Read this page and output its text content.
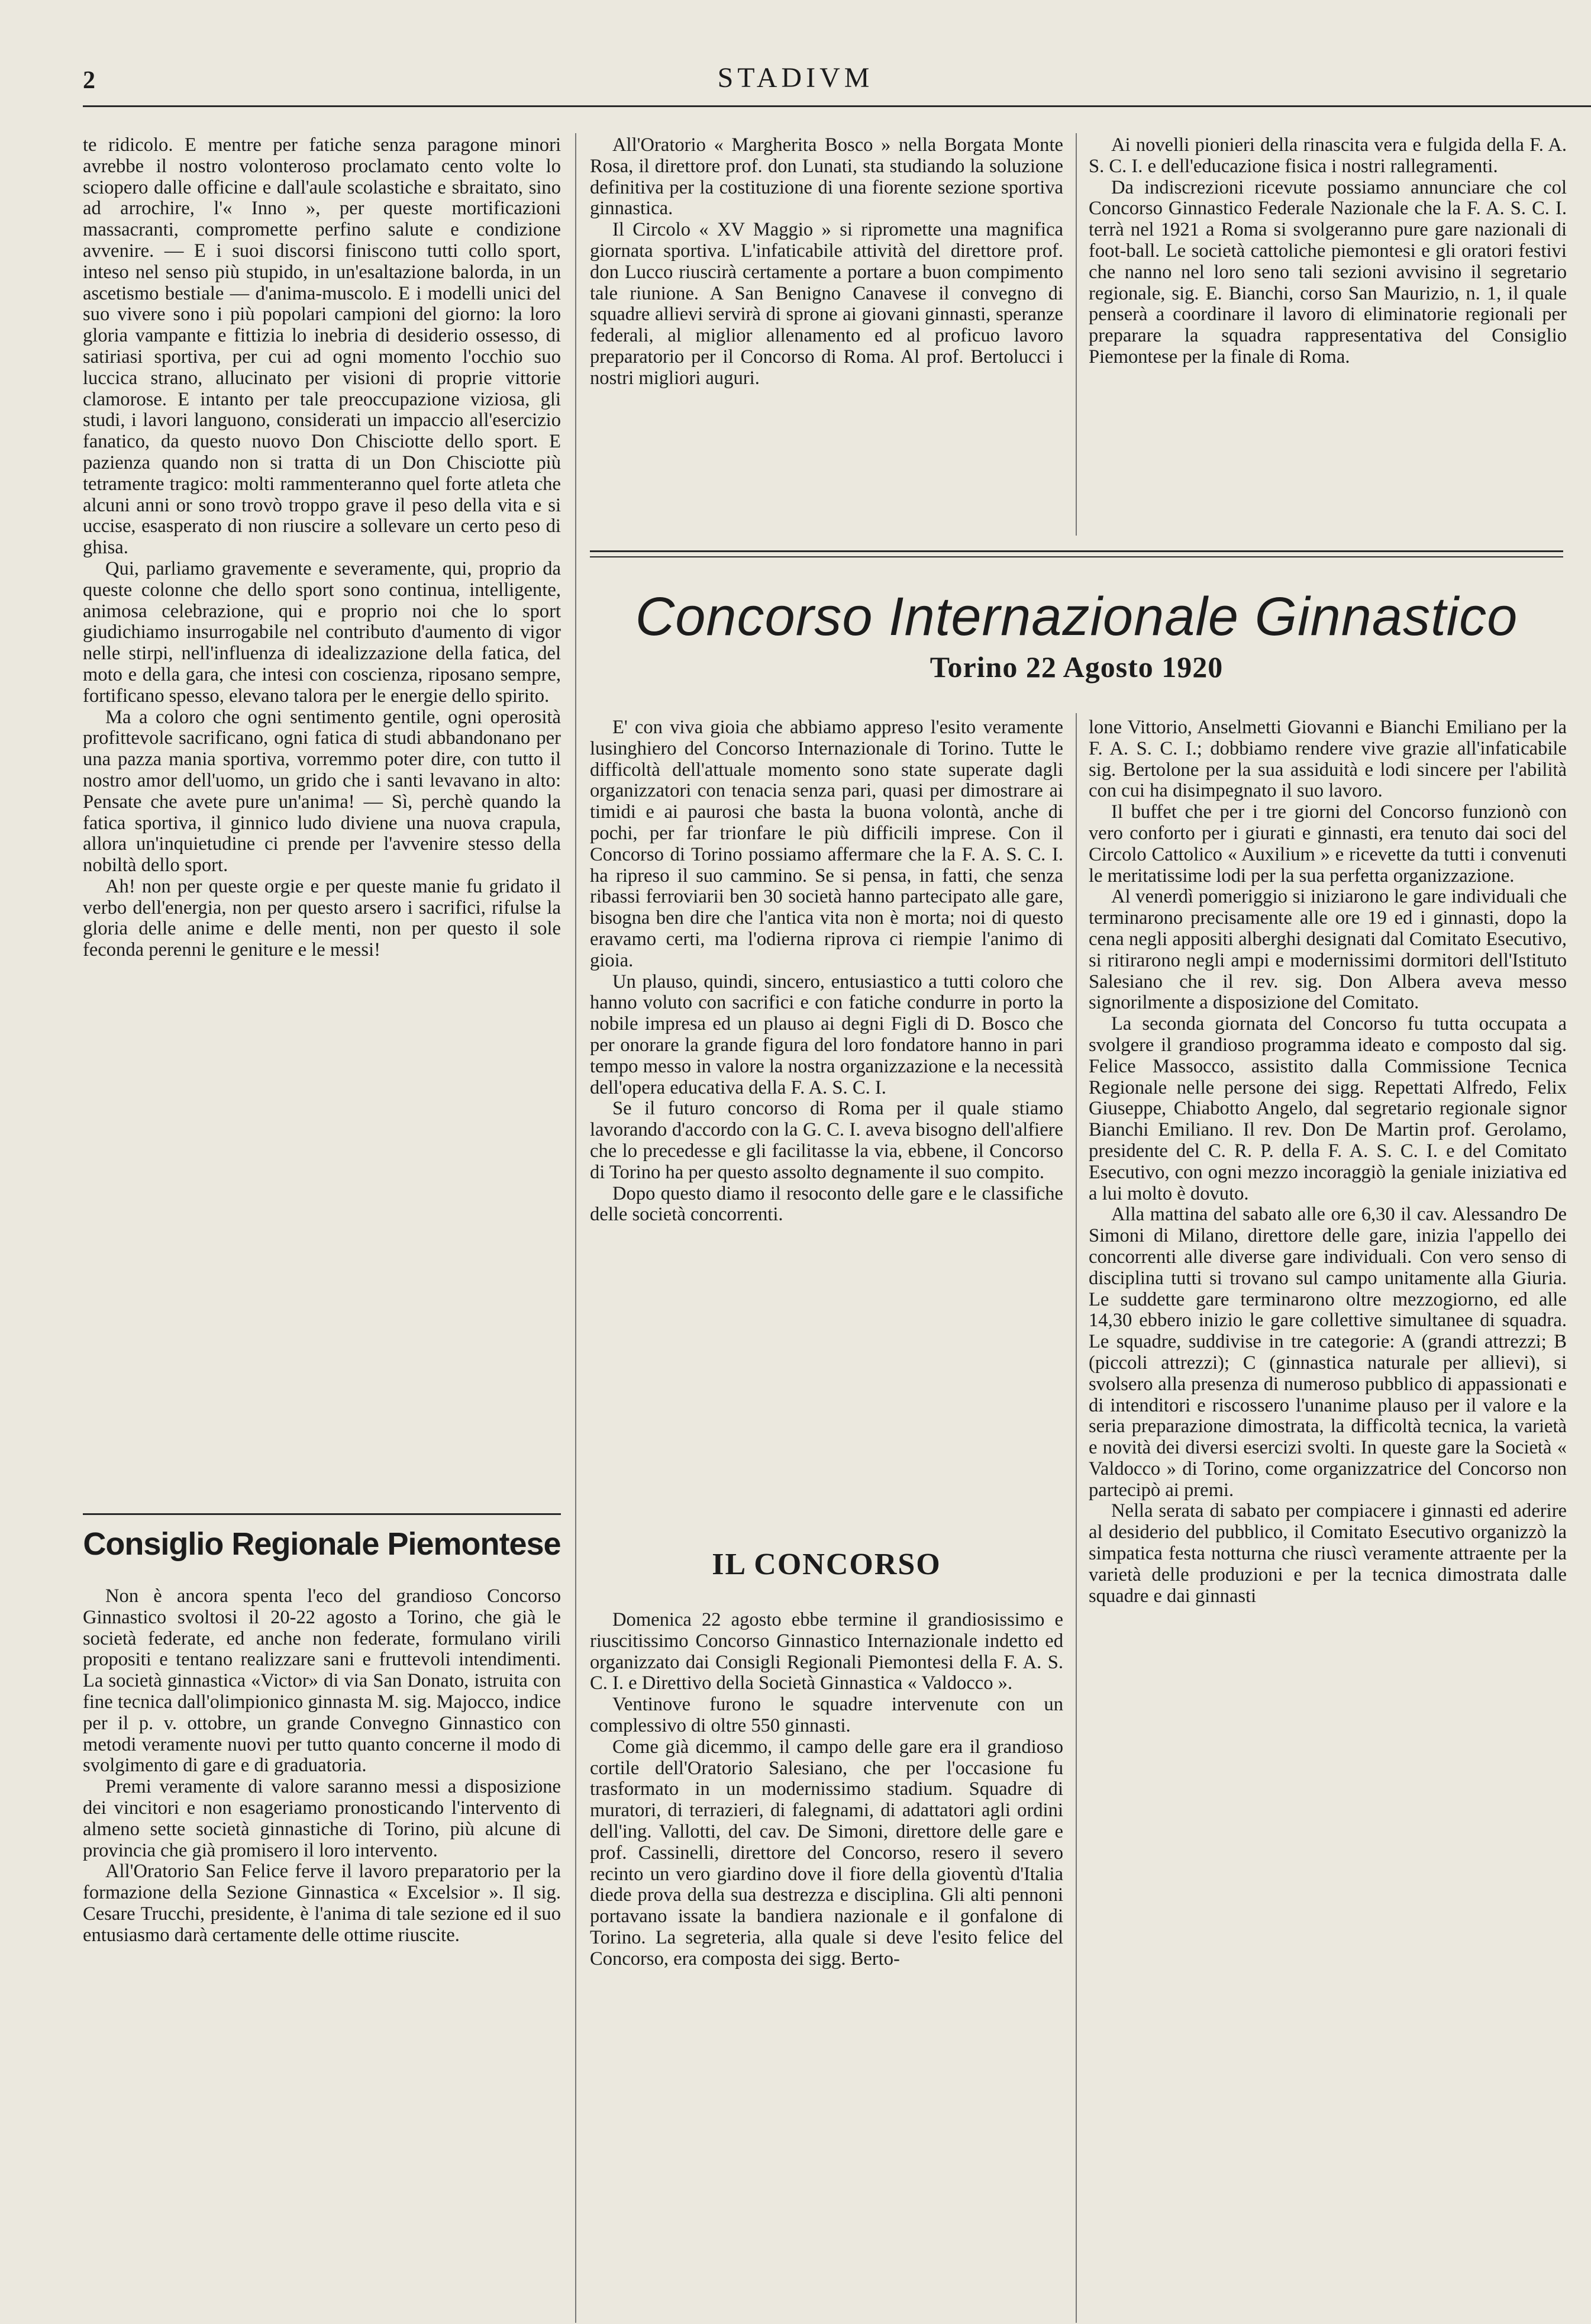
2	STADIVM

te ridicolo. E mentre per fatiche senza paragone minori avrebbe il nostro volonteroso proclamato cento volte lo sciopero dalle officine e dall'aule scolastiche e sbraitato, sino ad arrochire, l'« Inno », per queste mortificazioni massacranti, compromette perfino salute e condizione avvenire. — E i suoi discorsi finiscono tutti collo sport, inteso nel senso più stupido, in un'esaltazione balorda, in un ascetismo bestiale — d'anima-muscolo. E i modelli unici del suo vivere sono i più popolari campioni del giorno: la loro gloria vampante e fittizia lo inebria di desiderio ossesso, di satiriasi sportiva, per cui ad ogni momento l'occhio suo luccica strano, allucinato per visioni di proprie vittorie clamorose. E intanto per tale preoccupazione viziosa, gli studi, i lavori languono, considerati un impaccio all'esercizio fanatico, da questo nuovo Don Chisciotte dello sport. E pazienza quando non si tratta di un Don Chisciotte più tetramente tragico: molti rammenteranno quel forte atleta che alcuni anni or sono trovò troppo grave il peso della vita e si uccise, esasperato di non riuscire a sollevare un certo peso di ghisa.

Qui, parliamo gravemente e severamente, qui, proprio da queste colonne che dello sport sono continua, intelligente, animosa celebrazione, qui e proprio noi che lo sport giudichiamo insurrogabile nel contributo d'aumento di vigor nelle stirpi, nell'influenza di idealizzazione della fatica, del moto e della gara, che intesi con coscienza, riposano sempre, fortificano spesso, elevano talora per le energie dello spirito.

Ma a coloro che ogni sentimento gentile, ogni operosità profittevole sacrificano, ogni fatica di studi abbandonano per una pazza mania sportiva, vorremmo poter dire, con tutto il nostro amor dell'uomo, un grido che i santi levavano in alto: Pensate che avete pure un'anima! — Sì, perchè quando la fatica sportiva, il ginnico ludo diviene una nuova crapula, allora un'inquietudine ci prende per l'avvenire stesso della nobiltà dello sport.

Ah! non per queste orgie e per queste manie fu gridato il verbo dell'energia, non per questo arsero i sacrifici, rifulse la gloria delle anime e delle menti, non per questo il sole feconda perenni le geniture e le messi!

Consiglio Regionale Piemontese

Non è ancora spenta l'eco del grandioso Concorso Ginnastico svoltosi il 20-22 agosto a Torino, che già le società federate, ed anche non federate, formulano virili propositi e tentano realizzare sani e fruttevoli intendimenti. La società ginnastica «Victor» di via San Donato, istruita con fine tecnica dall'olimpionico ginnasta M. sig. Majocco, indice per il p. v. ottobre, un grande Convegno Ginnastico con metodi veramente nuovi per tutto quanto concerne il modo di svolgimento di gare e di graduatoria.

Premi veramente di valore saranno messi a disposizione dei vincitori e non esageriamo pronosticando l'intervento di almeno sette società ginnastiche di Torino, più alcune di provincia che già promisero il loro intervento.

All'Oratorio San Felice ferve il lavoro preparatorio per la formazione della Sezione Ginnastica « Excelsior ». Il sig. Cesare Trucchi, presidente, è l'anima di tale sezione ed il suo entusiasmo darà certamente delle ottime riuscite.

All'Oratorio « Margherita Bosco » nella Borgata Monte Rosa, il direttore prof. don Lunati, sta studiando la soluzione definitiva per la costituzione di una fiorente sezione sportiva ginnastica.

Il Circolo « XV Maggio » si ripromette una magnifica giornata sportiva. L'infaticabile attività del direttore prof. don Lucco riuscirà certamente a portare a buon compimento tale riunione. A San Benigno Canavese il convegno di squadre allievi servirà di sprone ai giovani ginnasti, speranze federali, al miglior allenamento ed al proficuo lavoro preparatorio per il Concorso di Roma. Al prof. Bertolucci i nostri migliori auguri.

Ai novelli pionieri della rinascita vera e fulgida della F. A. S. C. I. e dell'educazione fisica i nostri rallegramenti.

Da indiscrezioni ricevute possiamo annunciare che col Concorso Ginnastico Federale Nazionale che la F. A. S. C. I. terrà nel 1921 a Roma si svolgeranno pure gare nazionali di foot-ball. Le società cattoliche piemontesi e gli oratori festivi che nanno nel loro seno tali sezioni avvisino il segretario regionale, sig. E. Bianchi, corso San Maurizio, n. 1, il quale penserà a coordinare il lavoro di eliminatorie regionali per preparare la squadra rappresentativa del Consiglio Piemontese per la finale di Roma.

Concorso Internazionale Ginnastico
Torino 22 Agosto 1920

E' con viva gioia che abbiamo appreso l'esito veramente lusinghiero del Concorso Internazionale di Torino. Tutte le difficoltà dell'attuale momento sono state superate dagli organizzatori con tenacia senza pari, quasi per dimostrare ai timidi e ai paurosi che basta la buona volontà, anche di pochi, per far trionfare le più difficili imprese. Con il Concorso di Torino possiamo affermare che la F. A. S. C. I. ha ripreso il suo cammino. Se si pensa, in fatti, che senza ribassi ferroviarii ben 30 società hanno partecipato alle gare, bisogna ben dire che l'antica vita non è morta; noi di questo eravamo certi, ma l'odierna riprova ci riempie l'animo di gioia.

Un plauso, quindi, sincero, entusiastico a tutti coloro che hanno voluto con sacrifici e con fatiche condurre in porto la nobile impresa ed un plauso ai degni Figli di D. Bosco che per onorare la grande figura del loro fondatore hanno in pari tempo messo in valore la nostra organizzazione e la necessità dell'opera educativa della F. A. S. C. I.

Se il futuro concorso di Roma per il quale stiamo lavorando d'accordo con la G. C. I. aveva bisogno dell'alfiere che lo precedesse e gli facilitasse la via, ebbene, il Concorso di Torino ha per questo assolto degnamente il suo compito.

Dopo questo diamo il resoconto delle gare e le classifiche delle società concorrenti.

IL CONCORSO

Domenica 22 agosto ebbe termine il grandiosissimo e riuscitissimo Concorso Ginnastico Internazionale indetto ed organizzato dai Consigli Regionali Piemontesi della F. A. S. C. I. e Direttivo della Società Ginnastica « Valdocco ».

Ventinove furono le squadre intervenute con un complessivo di oltre 550 ginnasti.

Come già dicemmo, il campo delle gare era il grandioso cortile dell'Oratorio Salesiano, che per l'occasione fu trasformato in un modernissimo stadium. Squadre di muratori, di terrazieri, di falegnami, di adattatori agli ordini dell'ing. Vallotti, del cav. De Simoni, direttore delle gare e prof. Cassinelli, direttore del Concorso, resero il severo recinto un vero giardino dove il fiore della gioventù d'Italia diede prova della sua destrezza e disciplina. Gli alti pennoni portavano issate la bandiera nazionale e il gonfalone di Torino. La segreteria, alla quale si deve l'esito felice del Concorso, era composta dei sigg. Berto-

lone Vittorio, Anselmetti Giovanni e Bianchi Emiliano per la F. A. S. C. I.; dobbiamo rendere vive grazie all'infaticabile sig. Bertolone per la sua assiduità e lodi sincere per l'abilità con cui ha disimpegnato il suo lavoro.

Il buffet che per i tre giorni del Concorso funzionò con vero conforto per i giurati e ginnasti, era tenuto dai soci del Circolo Cattolico « Auxilium » e ricevette da tutti i convenuti le meritatissime lodi per la sua perfetta organizzazione.

Al venerdì pomeriggio si iniziarono le gare individuali che terminarono precisamente alle ore 19 ed i ginnasti, dopo la cena negli appositi alberghi designati dal Comitato Esecutivo, si ritirarono negli ampi e modernissimi dormitori dell'Istituto Salesiano che il rev. sig. Don Albera aveva messo signorilmente a disposizione del Comitato.

La seconda giornata del Concorso fu tutta occupata a svolgere il grandioso programma ideato e composto dal sig. Felice Massocco, assistito dalla Commissione Tecnica Regionale nelle persone dei sigg. Repettati Alfredo, Felix Giuseppe, Chiabotto Angelo, dal segretario regionale signor Bianchi Emiliano. Il rev. Don De Martin prof. Gerolamo, presidente del C. R. P. della F. A. S. C. I. e del Comitato Esecutivo, con ogni mezzo incoraggiò la geniale iniziativa ed a lui molto è dovuto.

Alla mattina del sabato alle ore 6,30 il cav. Alessandro De Simoni di Milano, direttore delle gare, inizia l'appello dei concorrenti alle diverse gare individuali. Con vero senso di disciplina tutti si trovano sul campo unitamente alla Giuria. Le suddette gare terminarono oltre mezzogiorno, ed alle 14,30 ebbero inizio le gare collettive simultanee di squadra. Le squadre, suddivise in tre categorie: A (grandi attrezzi; B (piccoli attrezzi); C (ginnastica naturale per allievi), si svolsero alla presenza di numeroso pubblico di appassionati e di intenditori e riscossero l'unanime plauso per il valore e la seria preparazione dimostrata, la difficoltà tecnica, la varietà e novità dei diversi esercizi svolti. In queste gare la Società « Valdocco » di Torino, come organizzatrice del Concorso non partecipò ai premi.

Nella serata di sabato per compiacere i ginnasti ed aderire al desiderio del pubblico, il Comitato Esecutivo organizzò la simpatica festa notturna che riuscì veramente attraente per la varietà delle produzioni e per la tecnica dimostrata dalle squadre e dai ginnasti
